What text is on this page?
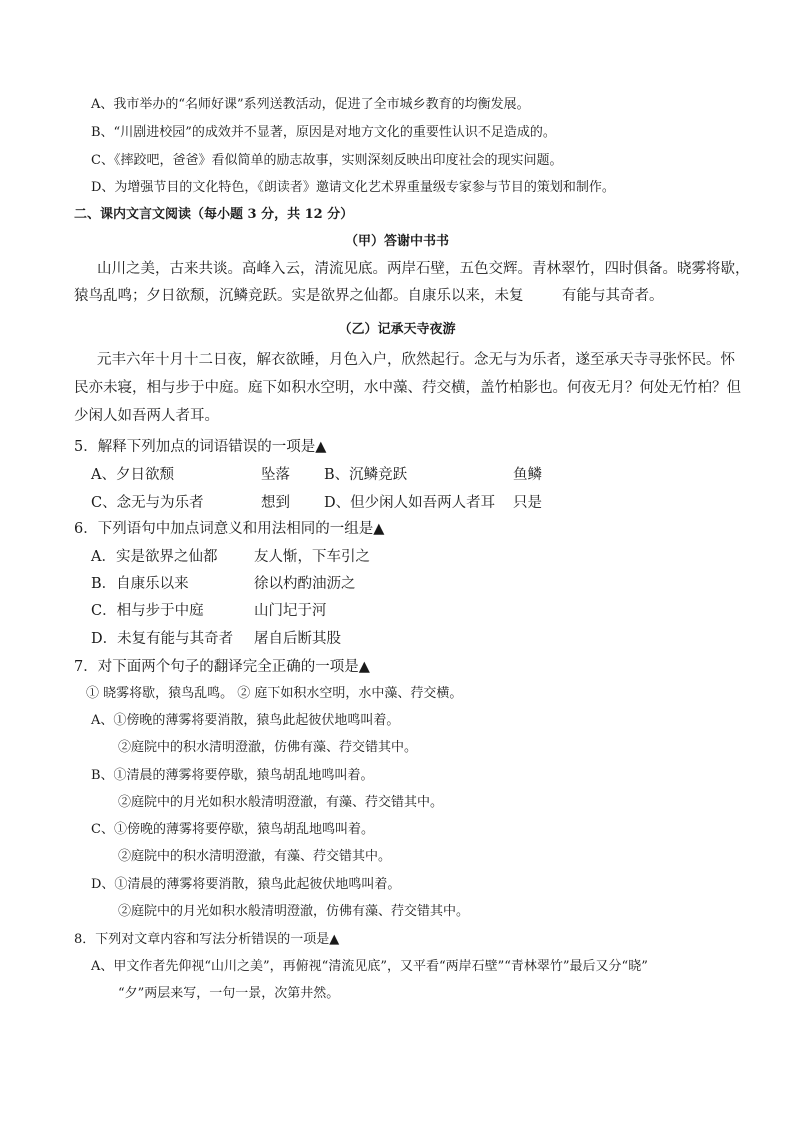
A、我市举办的“名师好课”系列送教活动，促进了全市城乡教育的均衡发展。
B、“川剧进校园”的成效并不显著，原因是对地方文化的重要性认识不足造成的。
C、《摔跤吧，爸爸》看似简单的励志故事，实则深刻反映出印度社会的现实问题。
D、为增强节目的文化特色，《朗读者》邀请文化艺术界重量级专家参与节目的策划和制作。
二、课内文言文阅读（每小题 3 分，共 12 分）
（甲）答谢中书书
山川之美，古来共谈。高峰入云，清流见底。两岸石壁，五色交辉。青林翠竹，四时俱备。晓雾将歇，
猿鸟乱鸣；夕日欲颓，沉鳞竞跃。实是欲界之仙都。自康乐以来，未复	有能与其奇者。
（乙）记承天寺夜游
元丰六年十月十二日夜，解衣欲睡，月色入户，欣然起行。念无与为乐者，遂至承天寺寻张怀民。怀
民亦未寝，相与步于中庭。庭下如积水空明，水中藻、荇交横，盖竹柏影也。何夜无月？何处无竹柏？但
少闲人如吾两人者耳。
5．解释下列加点的词语错误的一项是▲
A、夕日欲颓	坠落 B、沉鳞竞跃	鱼鳞
C、念无与为乐者	想到 D、但少闲人如吾两人者耳 只是
6．下列语句中加点词意义和用法相同的一组是▲
A．实是欲界之仙都	友人惭，下车引之
B．自康乐以来	徐以杓酌油沥之
C．相与步于中庭	山门圮于河
D．未复有能与其奇者 屠自后断其股
7．对下面两个句子的翻译完全正确的一项是▲
① 晓雾将歇，猿鸟乱鸣。 ② 庭下如积水空明，水中藻、荇交横。
A、①傍晚的薄雾将要消散，猿鸟此起彼伏地鸣叫着。
②庭院中的积水清明澄澈，仿佛有藻、荇交错其中。
B、①清晨的薄雾将要停歇，猿鸟胡乱地鸣叫着。
②庭院中的月光如积水般清明澄澈，有藻、荇交错其中。
C、①傍晚的薄雾将要停歇，猿鸟胡乱地鸣叫着。
②庭院中的积水清明澄澈，有藻、荇交错其中。
D、①清晨的薄雾将要消散，猿鸟此起彼伏地鸣叫着。
②庭院中的月光如积水般清明澄澈，仿佛有藻、荇交错其中。
8．下列对文章内容和写法分析错误的一项是▲
A、甲文作者先仰视“山川之美”，再俯视“清流见底”，又平看“两岸石壁”“青林翠竹”最后又分“晓”
“夕”两层来写，一句一景，次第井然。
